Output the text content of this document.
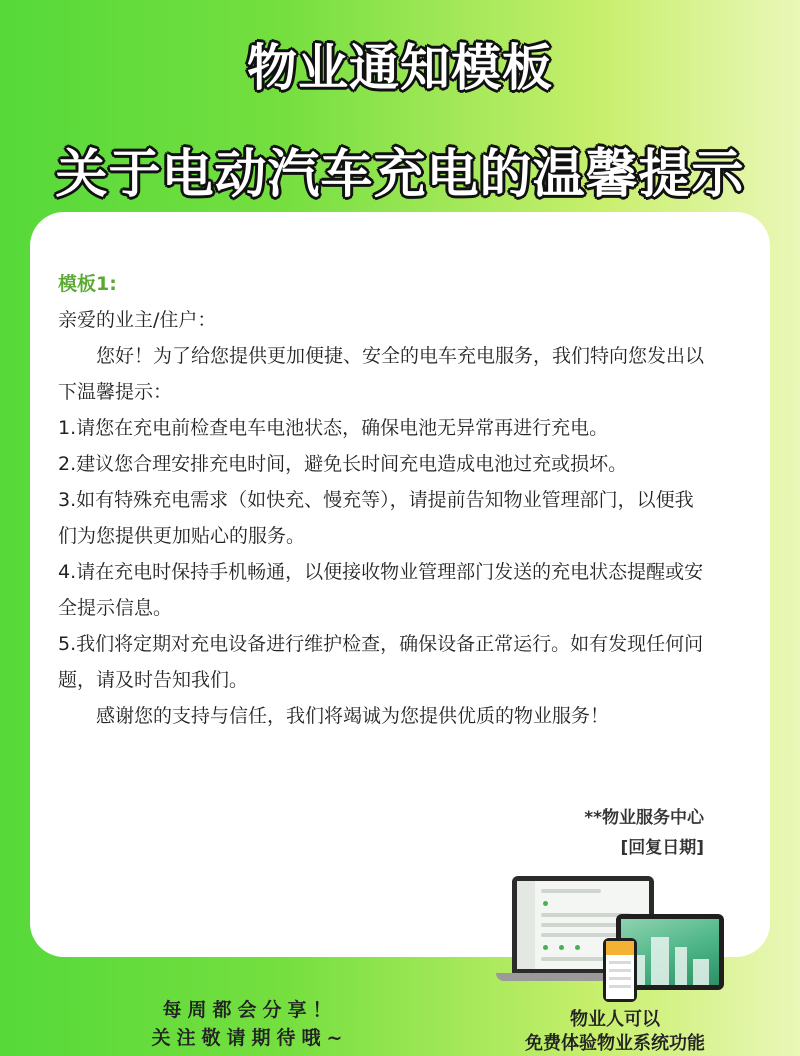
物业通知模板
关于电动汽车充电的温馨提示
模板1:

亲爱的业主/住户：

您好！为了给您提供更加便捷、安全的电车充电服务，我们特向您发出以下温馨提示：

1.请您在充电前检查电车电池状态，确保电池无异常再进行充电。

2.建议您合理安排充电时间，避免长时间充电造成电池过充或损坏。

3.如有特殊充电需求（如快充、慢充等），请提前告知物业管理部门，以便我们为您提供更加贴心的服务。

4.请在充电时保持手机畅通，以便接收物业管理部门发送的充电状态提醒或安全提示信息。

5.我们将定期对充电设备进行维护检查，确保设备正常运行。如有发现任何问题，请及时告知我们。

感谢您的支持与信任，我们将竭诚为您提供优质的物业服务！

**物业服务中心
[回复日期]
每周都会分享！
关注敬请期待哦~
物业人可以
免费体验物业系统功能
